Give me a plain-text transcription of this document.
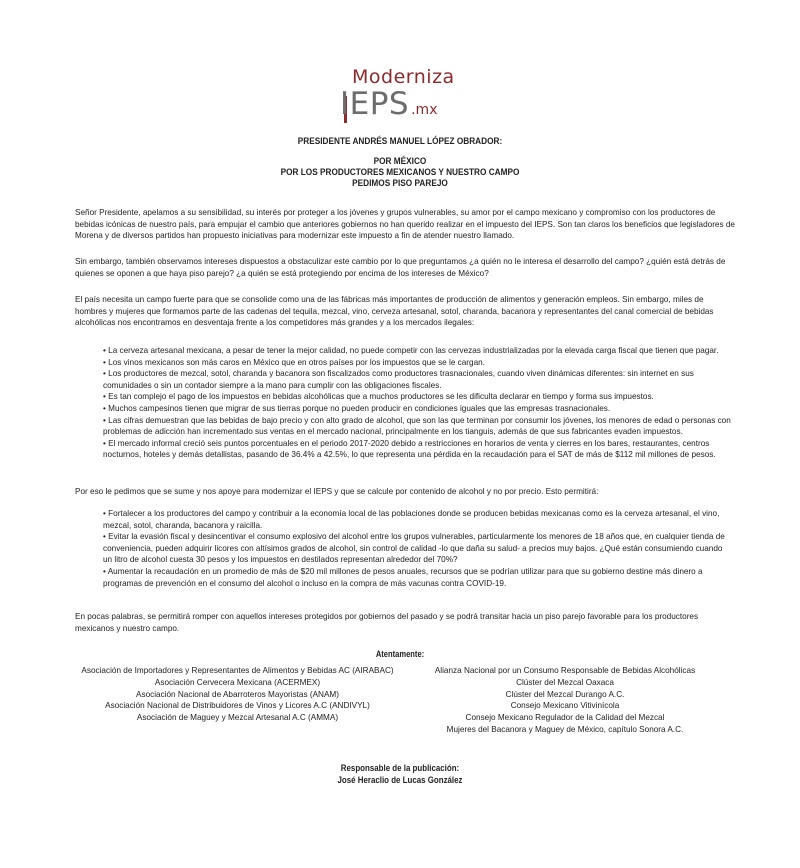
Moderniza
IEPS .mx
PRESIDENTE ANDRÉS MANUEL LÓPEZ OBRADOR:
POR MÉXICO
POR LOS PRODUCTORES MEXICANOS Y NUESTRO CAMPO
PEDIMOS PISO PAREJO

Señor Presidente, apelamos a su sensibilidad, su interés por proteger a los jóvenes y grupos vulnerables, su amor por el campo mexicano y compromiso con los productores de bebidas icónicas de nuestro país, para empujar el cambio que anteriores gobiernos no han querido realizar en el impuesto del IEPS. Son tan claros los beneficios que legisladores de Morena y de diversos partidos han propuesto iniciativas para modernizar este impuesto a fin de atender nuestro llamado.

Sin embargo, también observamos intereses dispuestos a obstaculizar este cambio por lo que preguntamos ¿a quién no le interesa el desarrollo del campo? ¿quién está detrás de quienes se oponen a que haya piso parejo? ¿a quién se está protegiendo por encima de los intereses de México?

El país necesita un campo fuerte para que se consolide como una de las fábricas más importantes de producción de alimentos y generación empleos. Sin embargo, miles de hombres y mujeres que formamos parte de las cadenas del tequila, mezcal, vino, cerveza artesanal, sotol, charanda, bacanora y representantes del canal comercial de bebidas alcohólicas nos encontramos en desventaja frente a los competidores más grandes y a los mercados ilegales:

• La cerveza artesanal mexicana, a pesar de tener la mejor calidad, no puede competir con las cervezas industrializadas por la elevada carga fiscal que tienen que pagar.
• Los vinos mexicanos son más caros en México que en otros países por los impuestos que se le cargan.
• Los productores de mezcal, sotol, charanda y bacanora son fiscalizados como productores trasnacionales, cuando viven dinámicas diferentes: sin internet en sus comunidades o sin un contador siempre a la mano para cumplir con las obligaciones fiscales.
• Es tan complejo el pago de los impuestos en bebidas alcohólicas que a muchos productores se les dificulta declarar en tiempo y forma sus impuestos.
• Muchos campesinos tienen que migrar de sus tierras porque no pueden producir en condiciones iguales que las empresas trasnacionales.
• Las cifras demuestran que las bebidas de bajo precio y con alto grado de alcohol, que son las que terminan por consumir los jóvenes, los menores de edad o personas con problemas de adicción han incrementado sus ventas en el mercado nacional, principalmente en los tianguis, además de que sus fabricantes evaden impuestos.
• El mercado informal creció seis puntos porcentuales en el periodo 2017-2020 debido a restricciones en horarios de venta y cierres en los bares, restaurantes, centros nocturnos, hoteles y demás detallistas, pasando de 36.4% a 42.5%, lo que representa una pérdida en la recaudación para el SAT de más de $112 mil millones de pesos.

Por eso le pedimos que se sume y nos apoye para modernizar el IEPS y que se calcule por contenido de alcohol y no por precio. Esto permitirá:

• Fortalecer a los productores del campo y contribuir a la economía local de las poblaciones donde se producen bebidas mexicanas como es la cerveza artesanal, el vino, mezcal, sotol, charanda, bacanora y raicilla.
• Evitar la evasión fiscal y desincentivar el consumo explosivo del alcohol entre los grupos vulnerables, particularmente los menores de 18 años que, en cualquier tienda de conveniencia, pueden adquirir licores con altísimos grados de alcohol, sin control de calidad -lo que daña su salud- a precios muy bajos. ¿Qué están consumiendo cuando un litro de alcohol cuesta 30 pesos y los impuestos en destilados representan alrededor del 70%?
• Aumentar la recaudación en un promedio de más de $20 mil millones de pesos anuales, recursos que se podrían utilizar para que su gobierno destine más dinero a programas de prevención en el consumo del alcohol o incluso en la compra de más vacunas contra COVID-19.

En pocas palabras, se permitirá romper con aquellos intereses protegidos por gobiernos del pasado y se podrá transitar hacia un piso parejo favorable para los productores mexicanos y nuestro campo.

Atentamente:
Asociación de Importadores y Representantes de Alimentos y Bebidas AC (AIRABAC)
Asociación Cervecera Mexicana (ACERMEX)
Asociación Nacional de Abarroteros Mayoristas (ANAM)
Asociación Nacional de Distribuidores de Vinos y Licores A.C (ANDIVYL)
Asociación de Maguey y Mezcal Artesanal A.C (AMMA)
Alianza Nacional por un Consumo Responsable de Bebidas Alcohólicas
Clúster del Mezcal Oaxaca
Clúster del Mezcal Durango A.C.
Consejo Mexicano Vitivinícola
Consejo Mexicano Regulador de la Calidad del Mezcal
Mujeres del Bacanora y Maguey de México, capítulo Sonora A.C.
Responsable de la publicación:
José Heraclio de Lucas González
